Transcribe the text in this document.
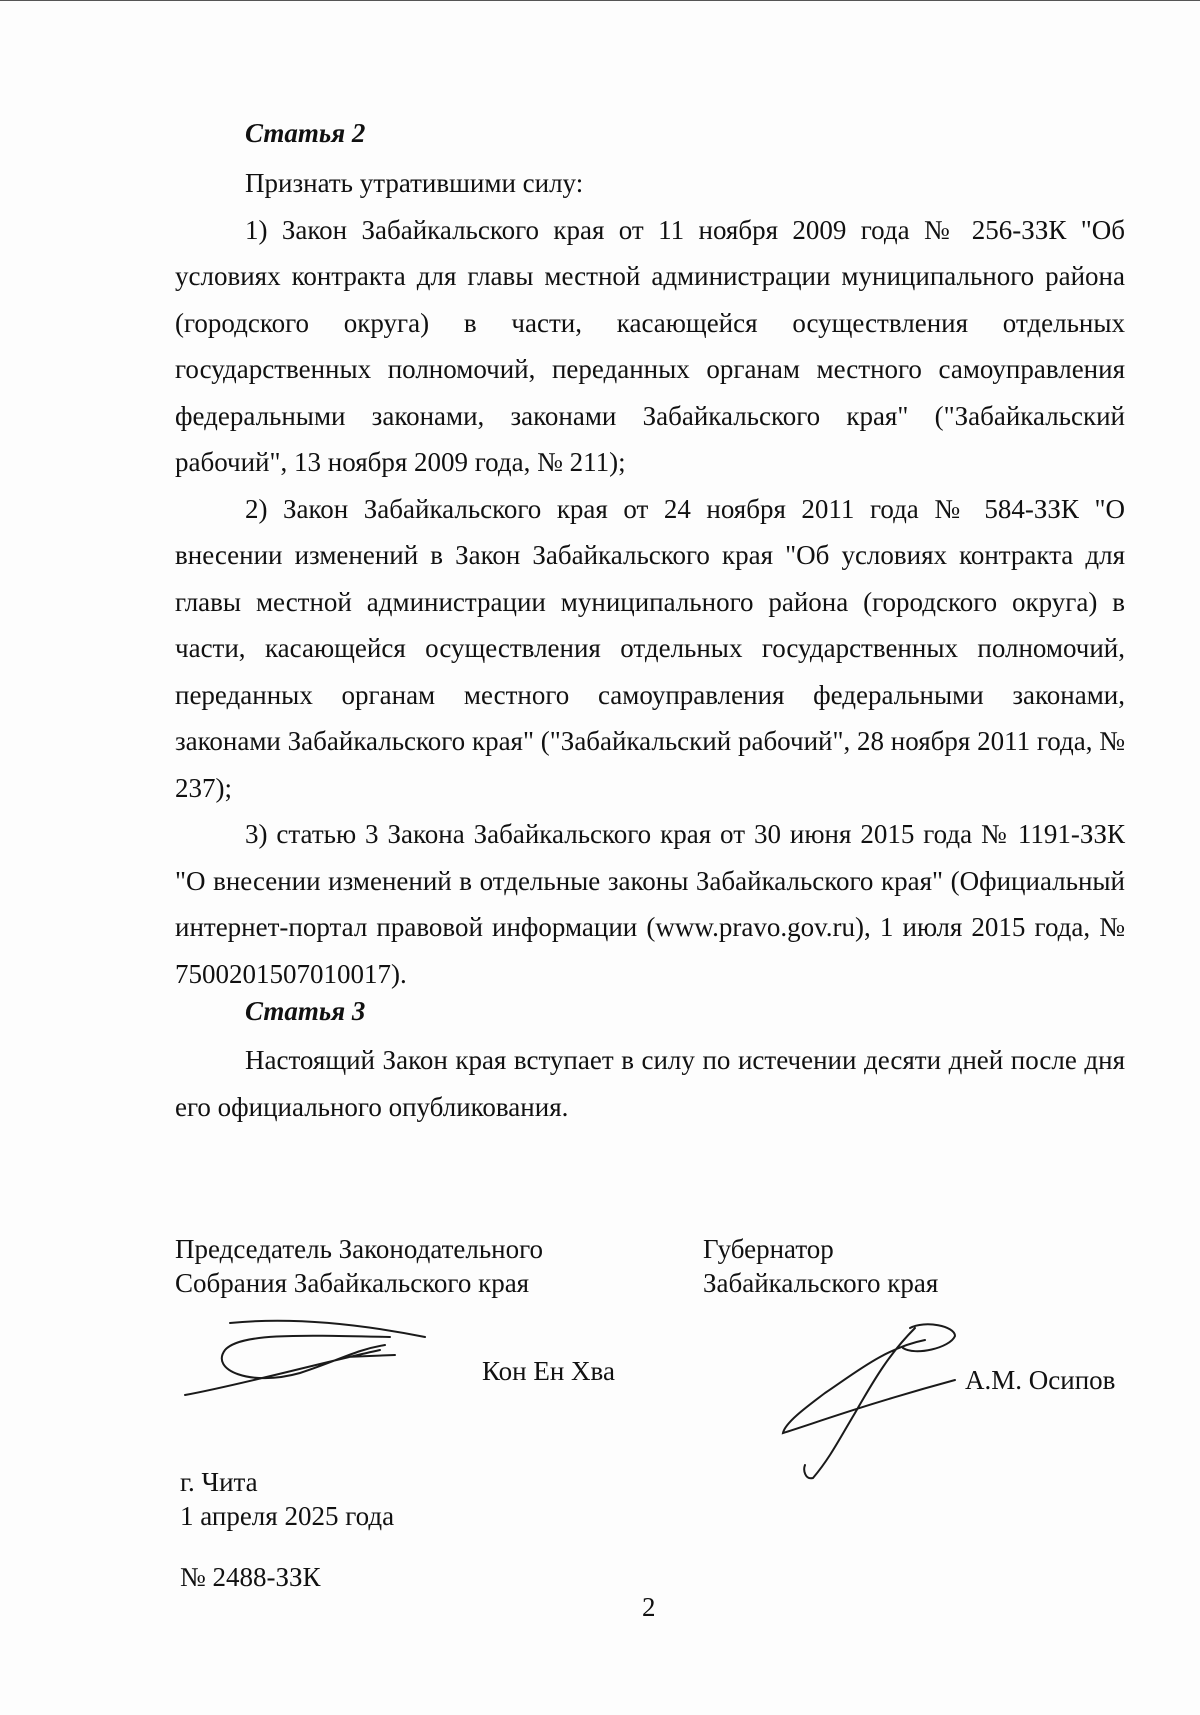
Статья 2

Признать утратившими силу:

1) Закон Забайкальского края от 11 ноября 2009 года № 256-ЗЗК "Об условиях контракта для главы местной администрации муниципального района (городского округа) в части, касающейся осуществления отдельных государственных полномочий, переданных органам местного самоуправления федеральными законами, законами Забайкальского края" ("Забайкальский рабочий", 13 ноября 2009 года, № 211);

2) Закон Забайкальского края от 24 ноября 2011 года № 584-ЗЗК "О внесении изменений в Закон Забайкальского края "Об условиях контракта для главы местной администрации муниципального района (городского округа) в части, касающейся осуществления отдельных государственных полномочий, переданных органам местного самоуправления федеральными законами, законами Забайкальского края" ("Забайкальский рабочий", 28 ноября 2011 года, № 237);

3) статью 3 Закона Забайкальского края от 30 июня 2015 года № 1191-ЗЗК "О внесении изменений в отдельные законы Забайкальского края" (Официальный интернет-портал правовой информации (www.pravo.gov.ru), 1 июля 2015 года, № 7500201507010017).

Статья 3

Настоящий Закон края вступает в силу по истечении десяти дней после дня его официального опубликования.

Председатель Законодательного
Собрания Забайкальского края
Губернатор
Забайкальского края
Кон Ен Хва	А.М. Осипов
г. Чита
1 апреля 2025 года
№ 2488-ЗЗК
2
